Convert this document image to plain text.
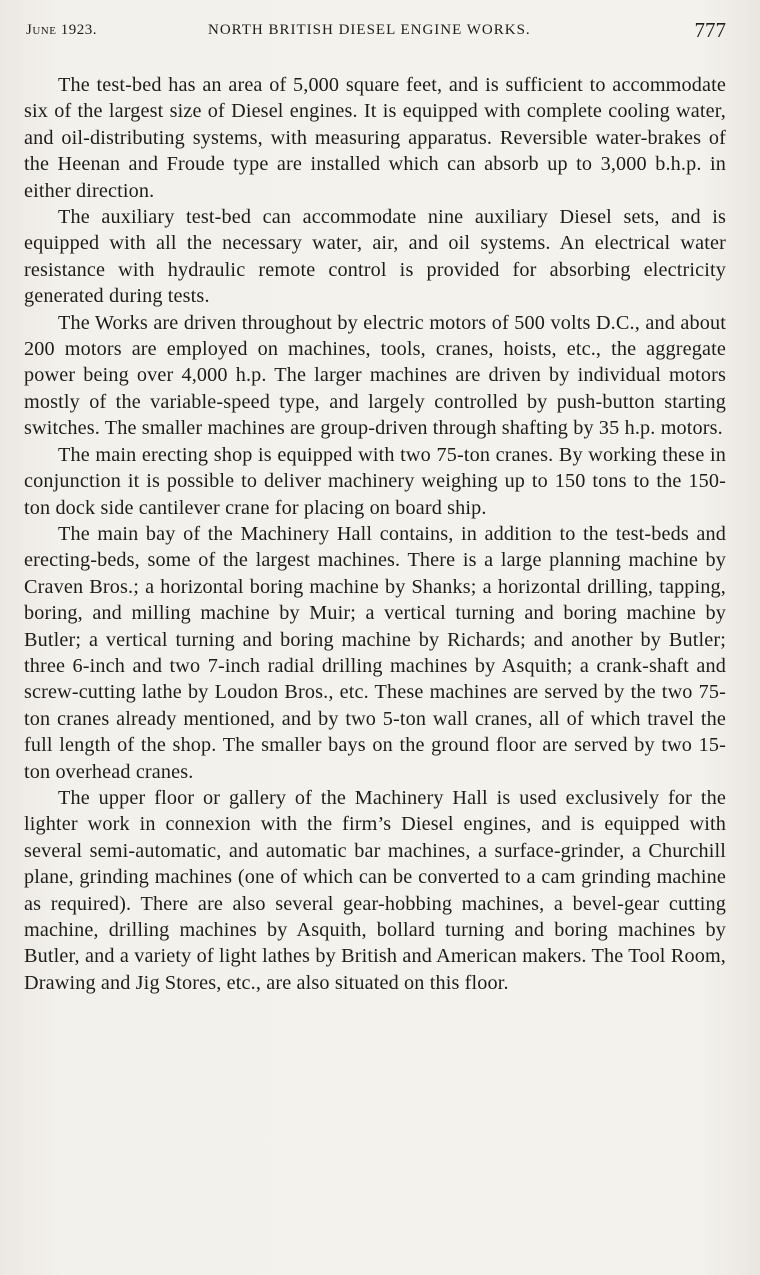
June 1923.	NORTH BRITISH DIESEL ENGINE WORKS.	777

The test-bed has an area of 5,000 square feet, and is sufficient to accommodate six of the largest size of Diesel engines. It is equipped with complete cooling water, and oil-distributing systems, with measuring apparatus. Reversible water-brakes of the Heenan and Froude type are installed which can absorb up to 3,000 b.h.p. in either direction.

The auxiliary test-bed can accommodate nine auxiliary Diesel sets, and is equipped with all the necessary water, air, and oil systems. An electrical water resistance with hydraulic remote control is provided for absorbing electricity generated during tests.

The Works are driven throughout by electric motors of 500 volts D.C., and about 200 motors are employed on machines, tools, cranes, hoists, etc., the aggregate power being over 4,000 h.p. The larger machines are driven by individual motors mostly of the variable-speed type, and largely controlled by push-button starting switches. The smaller machines are group-driven through shafting by 35 h.p. motors.

The main erecting shop is equipped with two 75-ton cranes. By working these in conjunction it is possible to deliver machinery weighing up to 150 tons to the 150-ton dock side cantilever crane for placing on board ship.

The main bay of the Machinery Hall contains, in addition to the test-beds and erecting-beds, some of the largest machines. There is a large planning machine by Craven Bros.; a horizontal boring machine by Shanks; a horizontal drilling, tapping, boring, and milling machine by Muir; a vertical turning and boring machine by Butler; a vertical turning and boring machine by Richards; and another by Butler; three 6-inch and two 7-inch radial drilling machines by Asquith; a crank-shaft and screw-cutting lathe by Loudon Bros., etc. These machines are served by the two 75-ton cranes already mentioned, and by two 5-ton wall cranes, all of which travel the full length of the shop. The smaller bays on the ground floor are served by two 15-ton overhead cranes.

The upper floor or gallery of the Machinery Hall is used exclusively for the lighter work in connexion with the firm’s Diesel engines, and is equipped with several semi-automatic, and automatic bar machines, a surface-grinder, a Churchill plane, grinding machines (one of which can be converted to a cam grinding machine as required). There are also several gear-hobbing machines, a bevel-gear cutting machine, drilling machines by Asquith, bollard turning and boring machines by Butler, and a variety of light lathes by British and American makers. The Tool Room, Drawing and Jig Stores, etc., are also situated on this floor.
